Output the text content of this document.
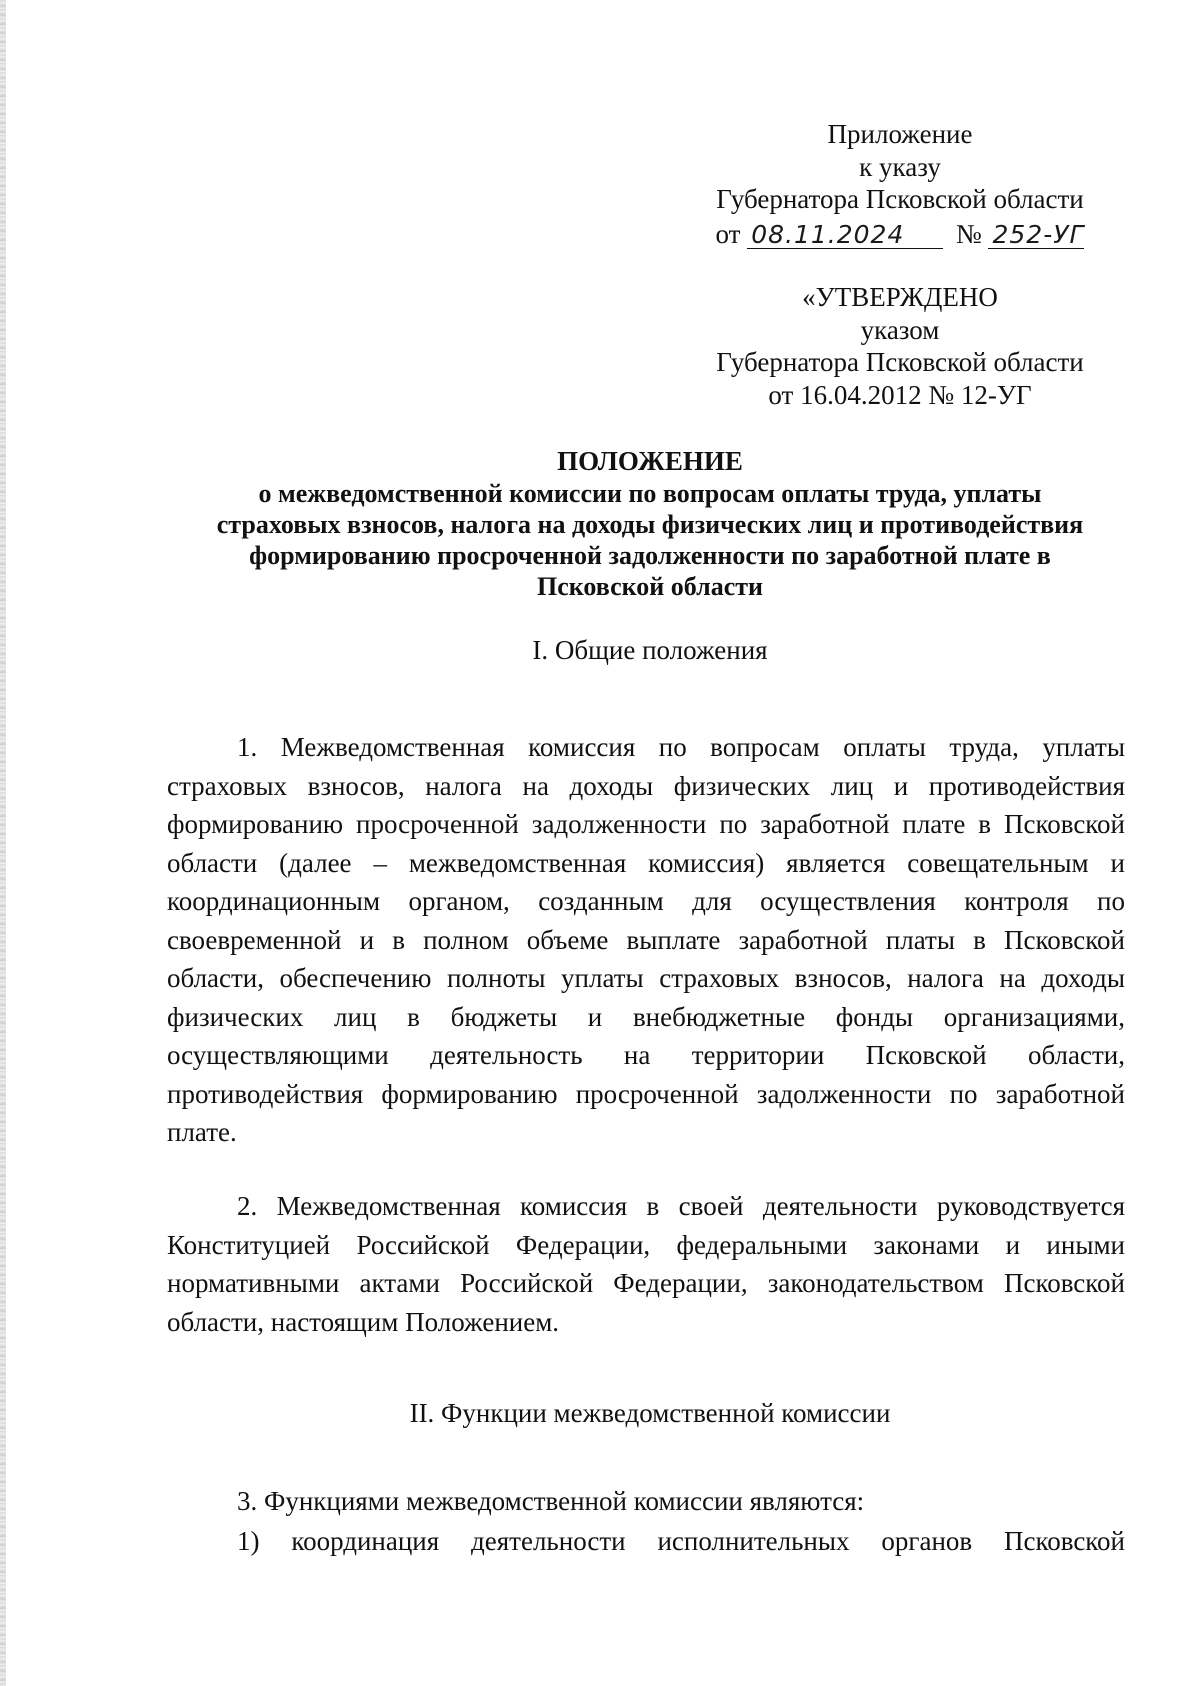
Приложение
к указу
Губернатора Псковской области
от 08.11.2024 № 252-УГ
«УТВЕРЖДЕНО
указом
Губернатора Псковской области
от 16.04.2012 № 12-УГ
ПОЛОЖЕНИЕ
о межведомственной комиссии по вопросам оплаты труда, уплаты
страховых взносов, налога на доходы физических лиц и противодействия
формированию просроченной задолженности по заработной плате в
Псковской области
I. Общие положения
1. Межведомственная комиссия по вопросам оплаты труда, уплаты страховых взносов, налога на доходы физических лиц и противодействия формированию просроченной задолженности по заработной плате в Псковской области (далее – межведомственная комиссия) является совещательным и координационным органом, созданным для осуществления контроля по своевременной и в полном объеме выплате заработной платы в Псковской области, обеспечению полноты уплаты страховых взносов, налога на доходы физических лиц в бюджеты и внебюджетные фонды организациями, осуществляющими деятельность на территории Псковской области, противодействия формированию просроченной задолженности по заработной плате.
2. Межведомственная комиссия в своей деятельности руководствуется Конституцией Российской Федерации, федеральными законами и иными нормативными актами Российской Федерации, законодательством Псковской области, настоящим Положением.
II. Функции межведомственной комиссии
3. Функциями межведомственной комиссии являются:
1) координация деятельности исполнительных органов Псковской
